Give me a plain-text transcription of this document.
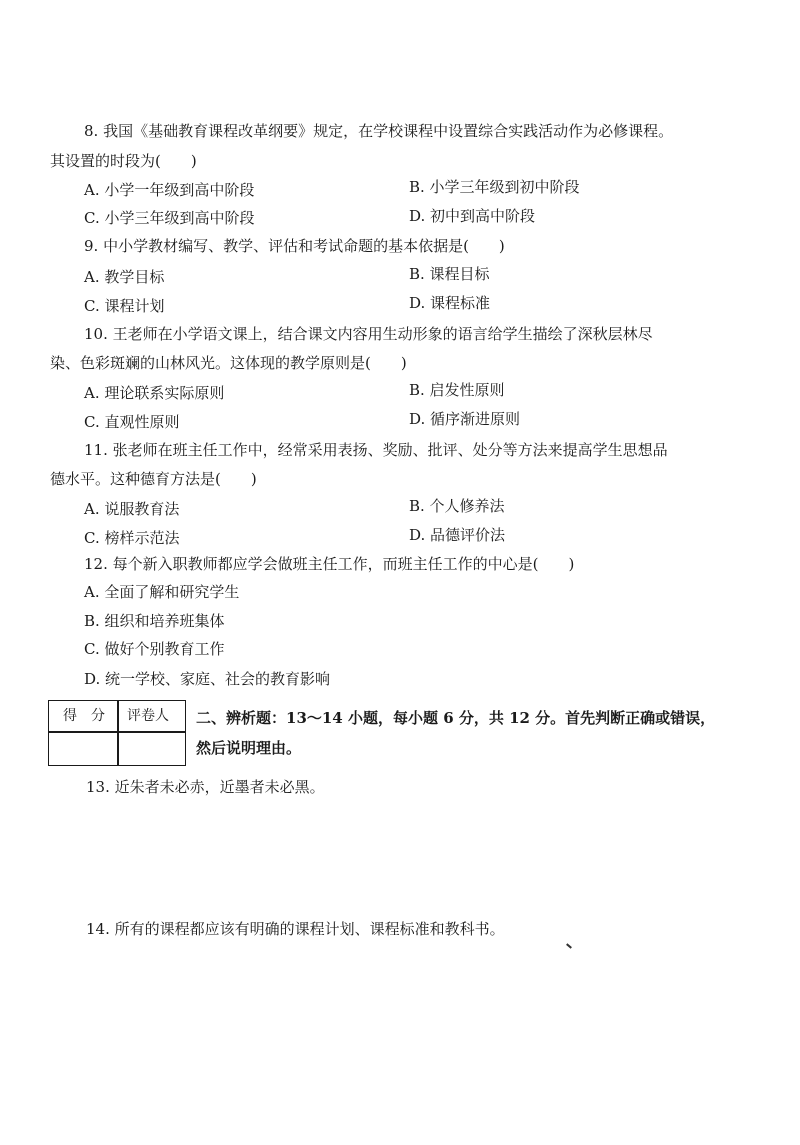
8. 我国《基础教育课程改革纲要》规定，在学校课程中设置综合实践活动作为必修课程。
其设置的时段为(　　)
A. 小学一年级到高中阶段	B. 小学三年级到初中阶段
C. 小学三年级到高中阶段	D. 初中到高中阶段
9. 中小学教材编写、教学、评估和考试命题的基本依据是(　　)
A. 教学目标	B. 课程目标
C. 课程计划	D. 课程标准
10. 王老师在小学语文课上，结合课文内容用生动形象的语言给学生描绘了深秋层林尽
染、色彩斑斓的山林风光。这体现的教学原则是(　　)
A. 理论联系实际原则	B. 启发性原则
C. 直观性原则	D. 循序渐进原则
11. 张老师在班主任工作中，经常采用表扬、奖励、批评、处分等方法来提高学生思想品
德水平。这种德育方法是(　　)
A. 说服教育法	B. 个人修养法
C. 榜样示范法	D. 品德评价法
12. 每个新入职教师都应学会做班主任工作，而班主任工作的中心是(　　)
A. 全面了解和研究学生
B. 组织和培养班集体
C. 做好个别教育工作
D. 统一学校、家庭、社会的教育影响
得　分 评卷人 二、辨析题：13～14 小题，每小题 6 分，共 12 分。首先判断正确或错误，
然后说明理由。
13. 近朱者未必赤，近墨者未必黑。
14. 所有的课程都应该有明确的课程计划、课程标准和教科书。
